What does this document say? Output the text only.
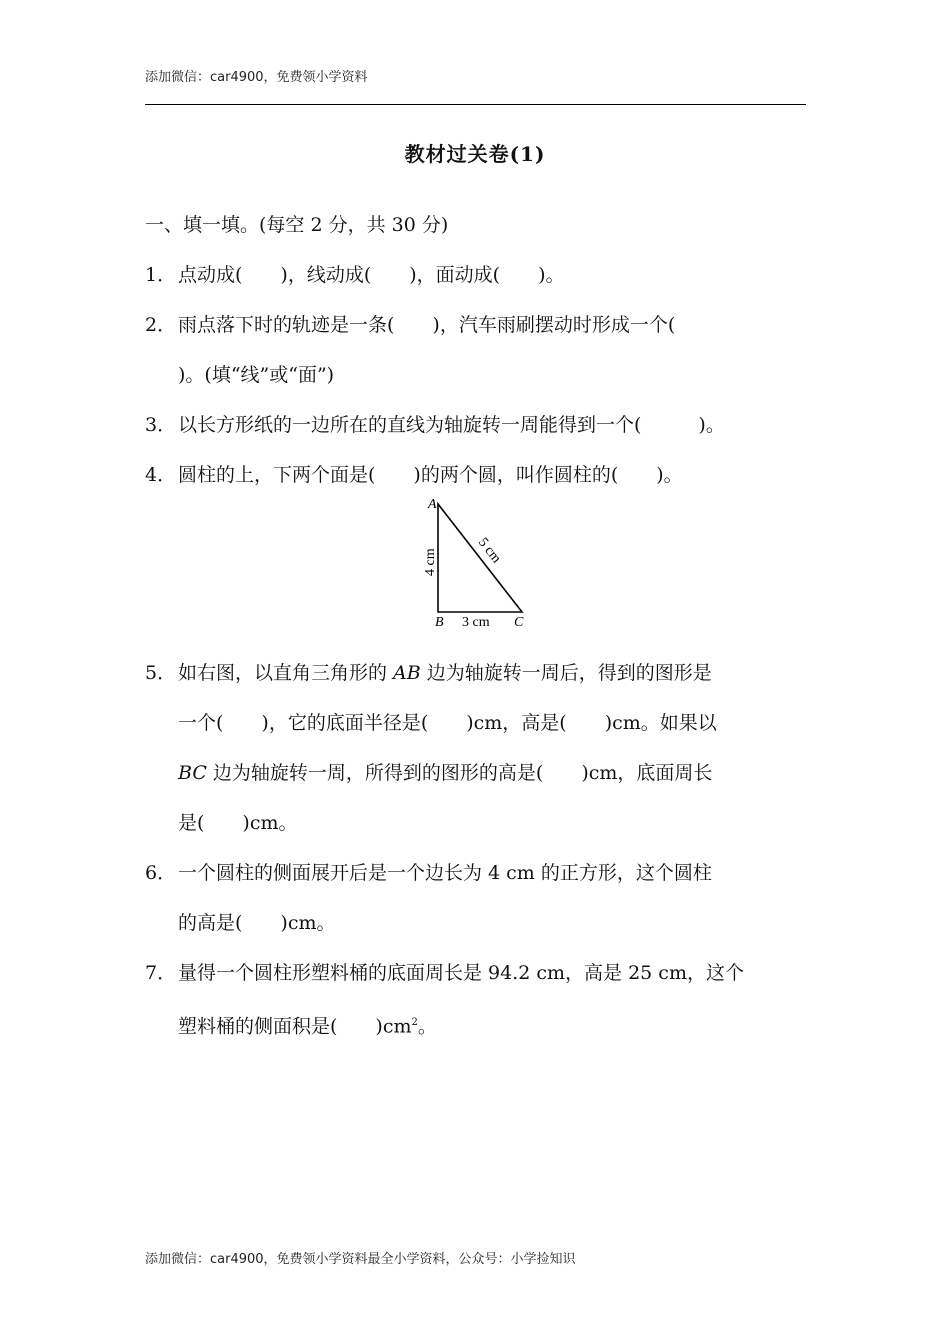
添加微信：car4900，免费领小学资料
教材过关卷(1)
一、填一填。(每空 2 分，共 30 分)
1． 点动成(　　)，线动成(　　)，面动成(　　)。
2． 雨点落下时的轨迹是一条(　　)，汽车雨刷摆动时形成一个(
)。(填“线”或“面”)
3． 以长方形纸的一边所在的直线为轴旋转一周能得到一个(　　　)。
4． 圆柱的上，下两个面是(　　)的两个圆，叫作圆柱的(　　)。
A
B	C
3 cm
4 cm	5 cm
5． 如右图，以直角三角形的 AB 边为轴旋转一周后，得到的图形是
一个(　　)，它的底面半径是(　　)cm，高是(　　)cm。如果以
BC 边为轴旋转一周，所得到的图形的高是(　　)cm，底面周长
是(　　)cm。
6． 一个圆柱的侧面展开后是一个边长为 4 cm 的正方形，这个圆柱
的高是(　　)cm。
7． 量得一个圆柱形塑料桶的底面周长是 94.2 cm，高是 25 cm，这个
塑料桶的侧面积是(　　)$cm^2$。
添加微信：car4900，免费领小学资料最全小学资料，公众号：小学捡知识
